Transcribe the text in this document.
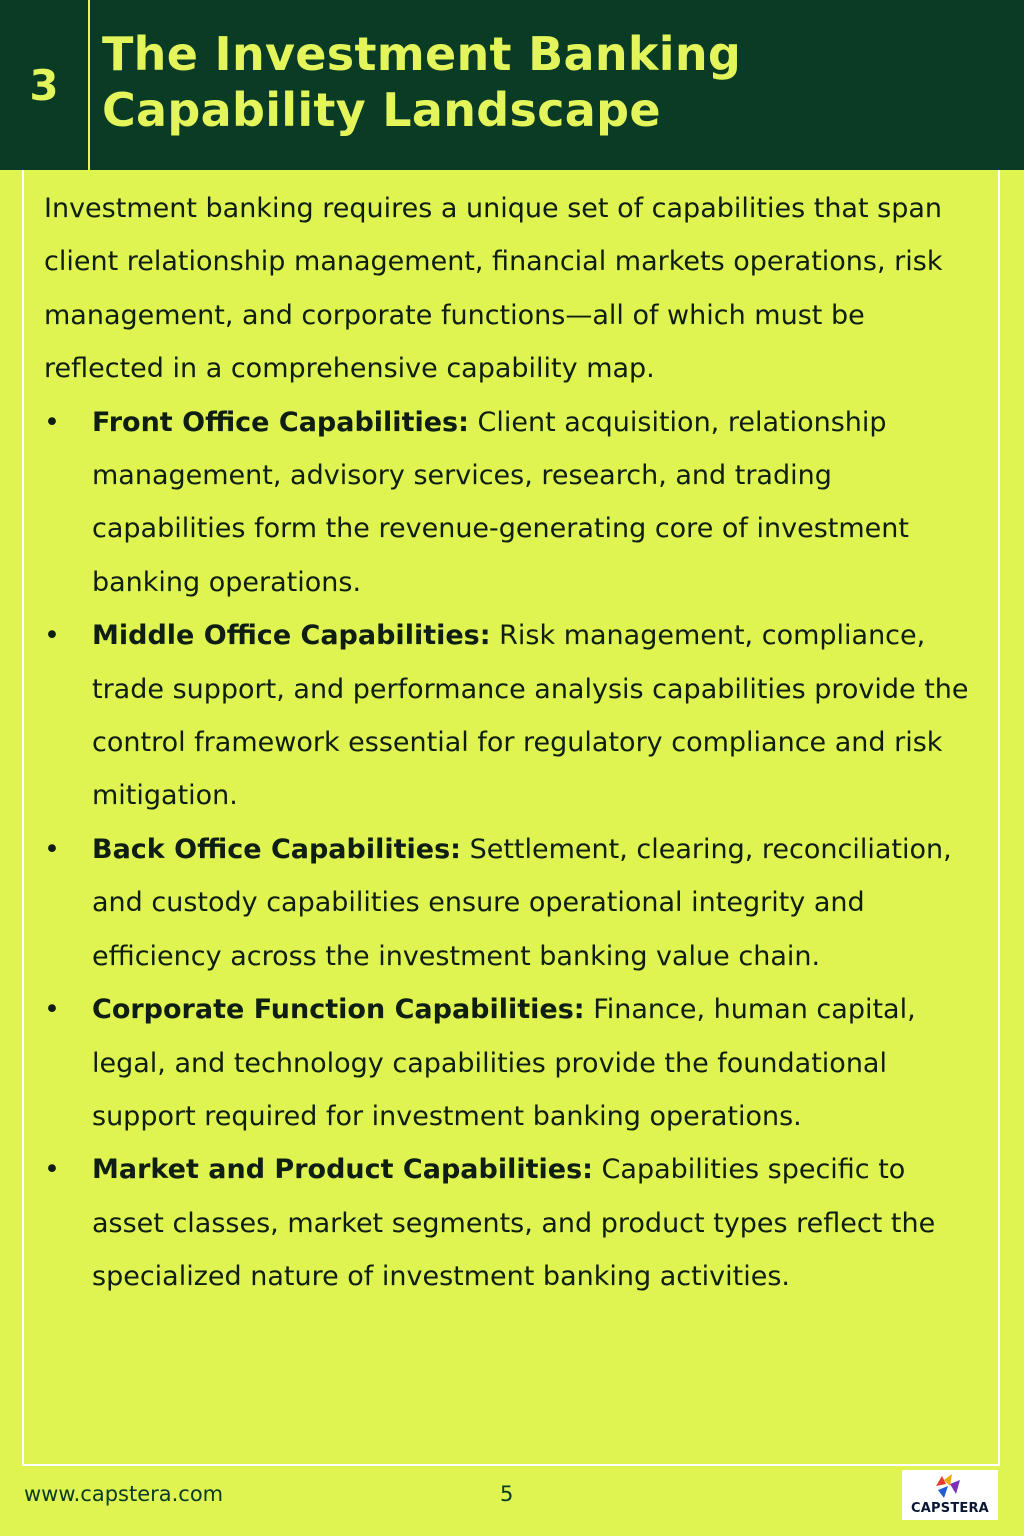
3
The Investment Banking Capability Landscape

Investment banking requires a unique set of capabilities that span client relationship management, financial markets operations, risk management, and corporate functions—all of which must be reflected in a comprehensive capability map.

• Front Office Capabilities: Client acquisition, relationship management, advisory services, research, and trading capabilities form the revenue-generating core of investment banking operations.
• Middle Office Capabilities: Risk management, compliance, trade support, and performance analysis capabilities provide the control framework essential for regulatory compliance and risk mitigation.
• Back Office Capabilities: Settlement, clearing, reconciliation, and custody capabilities ensure operational integrity and efficiency across the investment banking value chain.
• Corporate Function Capabilities: Finance, human capital, legal, and technology capabilities provide the foundational support required for investment banking operations.
• Market and Product Capabilities: Capabilities specific to asset classes, market segments, and product types reflect the specialized nature of investment banking activities.
www.capstera.com	5
CAPSTERA
